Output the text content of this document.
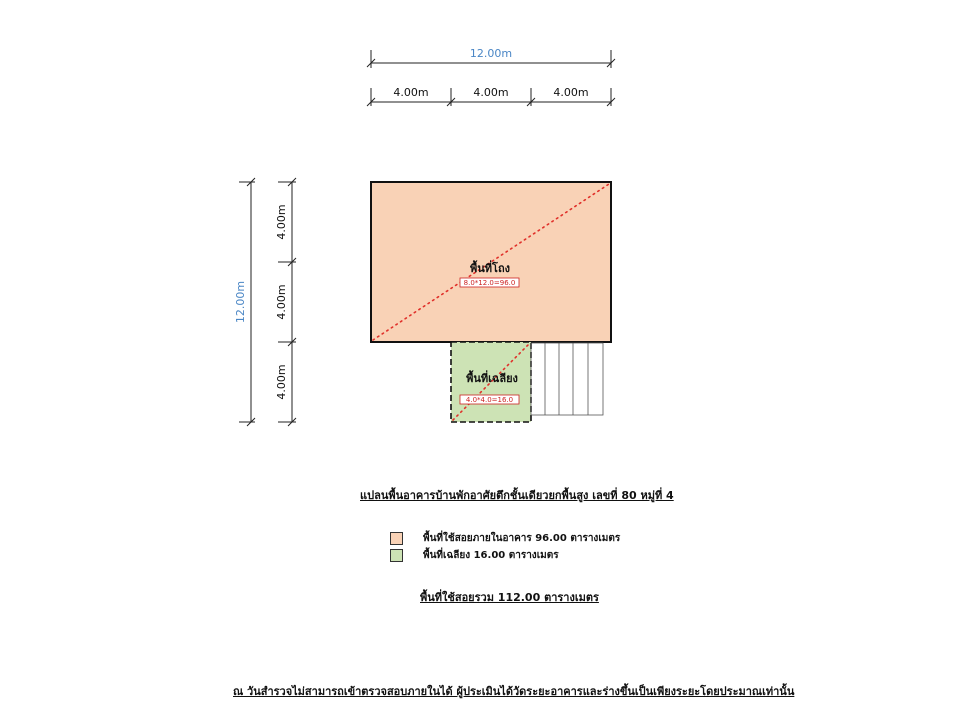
12.00m
4.00m	4.00m	4.00m
12.00m
4.00m
4.00m
4.00m
พื้นที่โถง
8.0*12.0=96.0
พื้นที่เฉลียง
4.0*4.0=16.0
แปลนพื้นอาคารบ้านพักอาศัยตึกชั้นเดียวยกพื้นสูง เลขที่ 80 หมู่ที่ 4
พื้นที่ใช้สอยภายในอาคาร 96.00 ตารางเมตร
พื้นที่เฉลียง 16.00 ตารางเมตร
พื้นที่ใช้สอยรวม 112.00 ตารางเมตร
ณ วันสำรวจไม่สามารถเข้าตรวจสอบภายในได้ ผู้ประเมินได้วัดระยะอาคารและร่างขึ้นเป็นเพียงระยะโดยประมาณเท่านั้น
